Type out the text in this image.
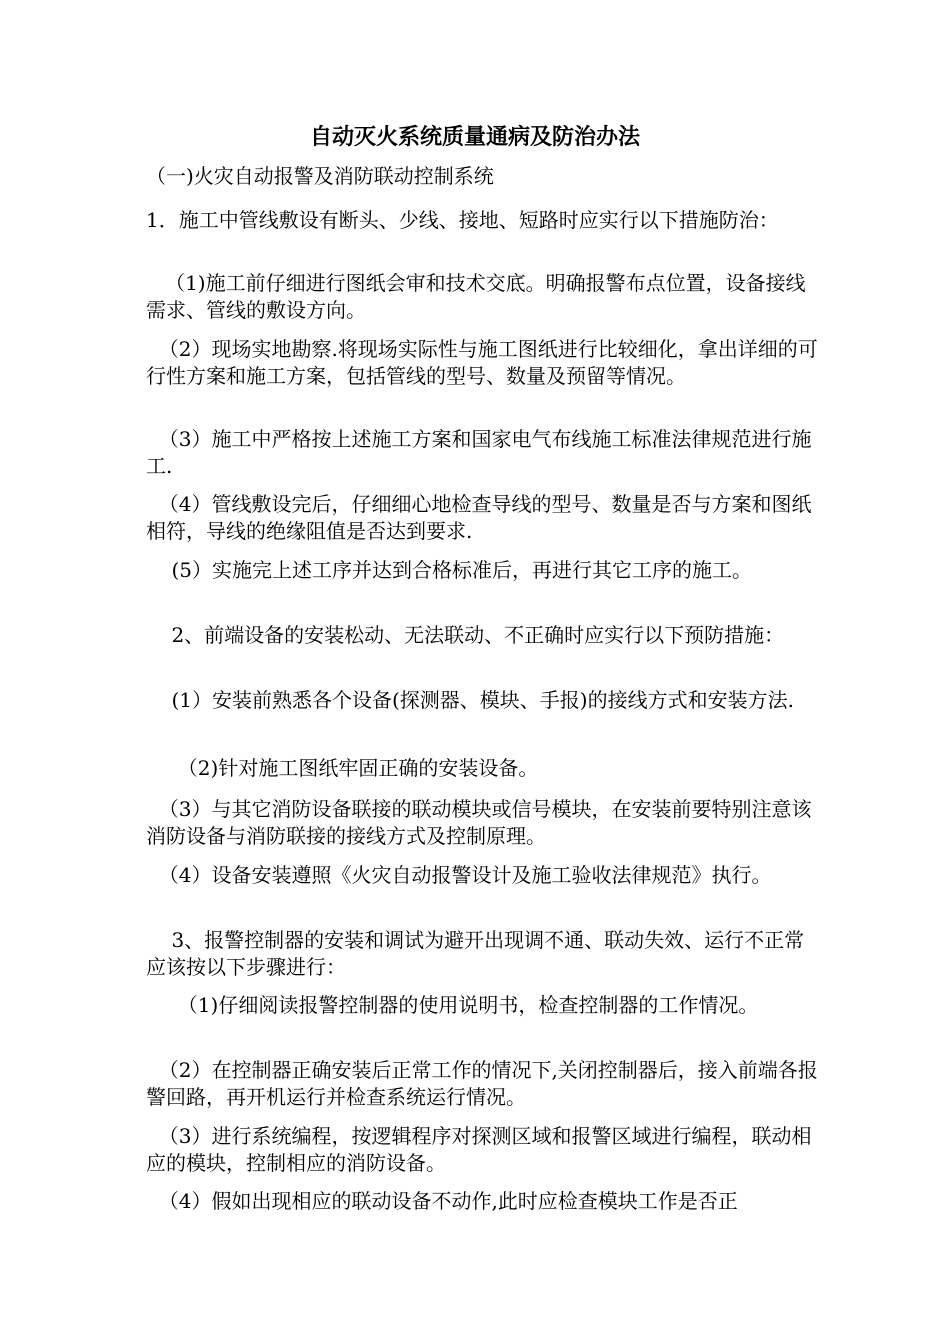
自动灭火系统质量通病及防治办法
（一)火灾自动报警及消防联动控制系统
1．施工中管线敷设有断头、少线、接地、短路时应实行以下措施防治：
（1)施工前仔细进行图纸会审和技术交底。明确报警布点位置，设备接线需求、管线的敷设方向。
（2）现场实地勘察.将现场实际性与施工图纸进行比较细化，拿出详细的可行性方案和施工方案，包括管线的型号、数量及预留等情况。
（3）施工中严格按上述施工方案和国家电气布线施工标准法律规范进行施工.
（4）管线敷设完后，仔细细心地检查导线的型号、数量是否与方案和图纸相符，导线的绝缘阻值是否达到要求.
(5）实施完上述工序并达到合格标准后，再进行其它工序的施工。
2、前端设备的安装松动、无法联动、不正确时应实行以下预防措施：
(1）安装前熟悉各个设备(探测器、模块、手报)的接线方式和安装方法.
（2)针对施工图纸牢固正确的安装设备。
（3）与其它消防设备联接的联动模块或信号模块，在安装前要特别注意该消防设备与消防联接的接线方式及控制原理。
（4）设备安装遵照《火灾自动报警设计及施工验收法律规范》执行。
3、报警控制器的安装和调试为避开出现调不通、联动失效、运行不正常应该按以下步骤进行：
（1)仔细阅读报警控制器的使用说明书，检查控制器的工作情况。
（2）在控制器正确安装后正常工作的情况下,关闭控制器后，接入前端各报警回路，再开机运行并检查系统运行情况。
（3）进行系统编程，按逻辑程序对探测区域和报警区域进行编程，联动相应的模块，控制相应的消防设备。
（4）假如出现相应的联动设备不动作,此时应检查模块工作是否正
